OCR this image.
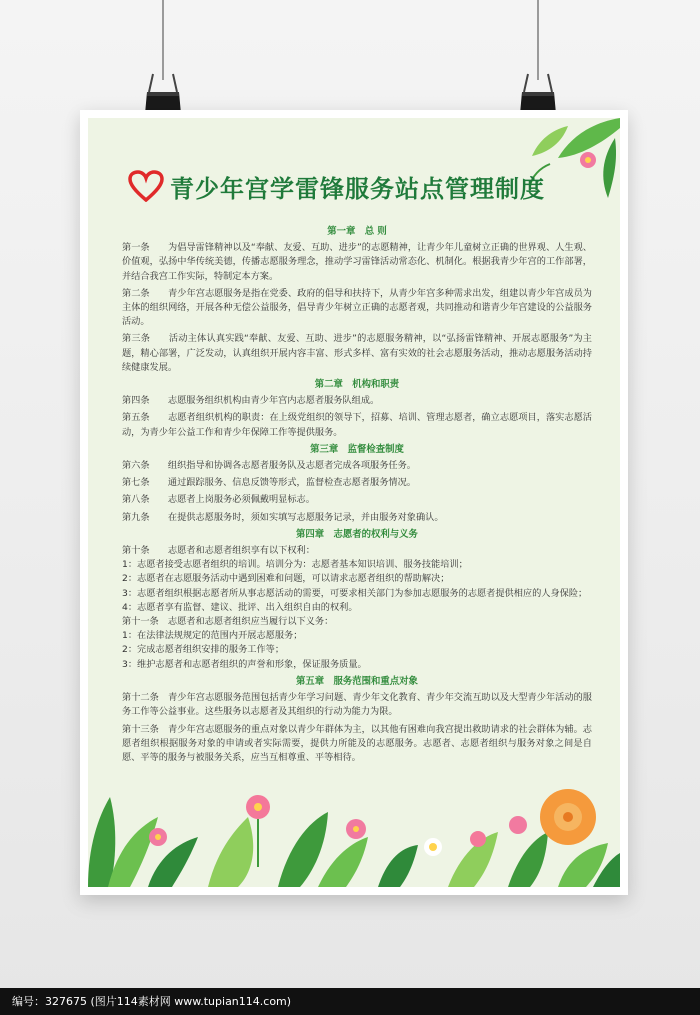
青少年宫学雷锋服务站点管理制度
第一章　总 则

第一条　　为倡导雷锋精神以及“奉献、友爱、互助、进步”的志愿精神，让青少年儿童树立正确的世界观、人生观、价值观，弘扬中华传统美德，传播志愿服务理念，推动学习雷锋活动常态化、机制化。根据我青少年宫的工作部署，并结合我宫工作实际，特制定本方案。

第二条　　青少年宫志愿服务是指在党委、政府的倡导和扶持下，从青少年宫多种需求出发，组建以青少年宫成员为主体的组织网络，开展各种无偿公益服务，倡导青少年树立正确的志愿者观，共同推动和谐青少年宫建设的公益服务活动。

第三条　　活动主体认真实践“奉献、友爱、互助、进步”的志愿服务精神，以“弘扬雷锋精神、开展志愿服务”为主题，精心部署，广泛发动，认真组织开展内容丰富、形式多样、富有实效的社会志愿服务活动，推动志愿服务活动持续健康发展。

第二章　机构和职责

第四条　　志愿服务组织机构由青少年宫内志愿者服务队组成。

第五条　　志愿者组织机构的职责：在上级党组织的领导下，招募、培训、管理志愿者，确立志愿项目，落实志愿活动，为青少年公益工作和青少年保障工作等提供服务。

第三章　监督检查制度

第六条　　组织指导和协调各志愿者服务队及志愿者完成各项服务任务。

第七条　　通过跟踪服务、信息反馈等形式，监督检查志愿者服务情况。

第八条　　志愿者上岗服务必须佩戴明显标志。

第九条　　在提供志愿服务时，须如实填写志愿服务记录，并由服务对象确认。

第四章　志愿者的权利与义务

第十条　　志愿者和志愿者组织享有以下权利：

1：志愿者接受志愿者组织的培训。培训分为：志愿者基本知识培训、服务技能培训；

2：志愿者在志愿服务活动中遇到困难和问题，可以请求志愿者组织的帮助解决；

3：志愿者组织根据志愿者所从事志愿活动的需要，可要求相关部门为参加志愿服务的志愿者提供相应的人身保险；

4：志愿者享有监督、建议、批评、出入组织自由的权利。

第十一条　志愿者和志愿者组织应当履行以下义务：

1：在法律法规规定的范围内开展志愿服务；

2：完成志愿者组织安排的服务工作等；

3：维护志愿者和志愿者组织的声誉和形象，保证服务质量。

第五章　服务范围和重点对象

第十二条　青少年宫志愿服务范围包括青少年学习问题、青少年文化教育、青少年交流互助以及大型青少年活动的服务工作等公益事业。这些服务以志愿者及其组织的行动为能力为限。

第十三条　青少年宫志愿服务的重点对象以青少年群体为主，以其他有困难向我宫提出救助请求的社会群体为辅。志愿者组织根据服务对象的申请或者实际需要，提供力所能及的志愿服务。志愿者、志愿者组织与服务对象之间是自愿、平等的服务与被服务关系，应当互相尊重、平等相待。

编号：327675 (图片114素材网 www.tupian114.com)
